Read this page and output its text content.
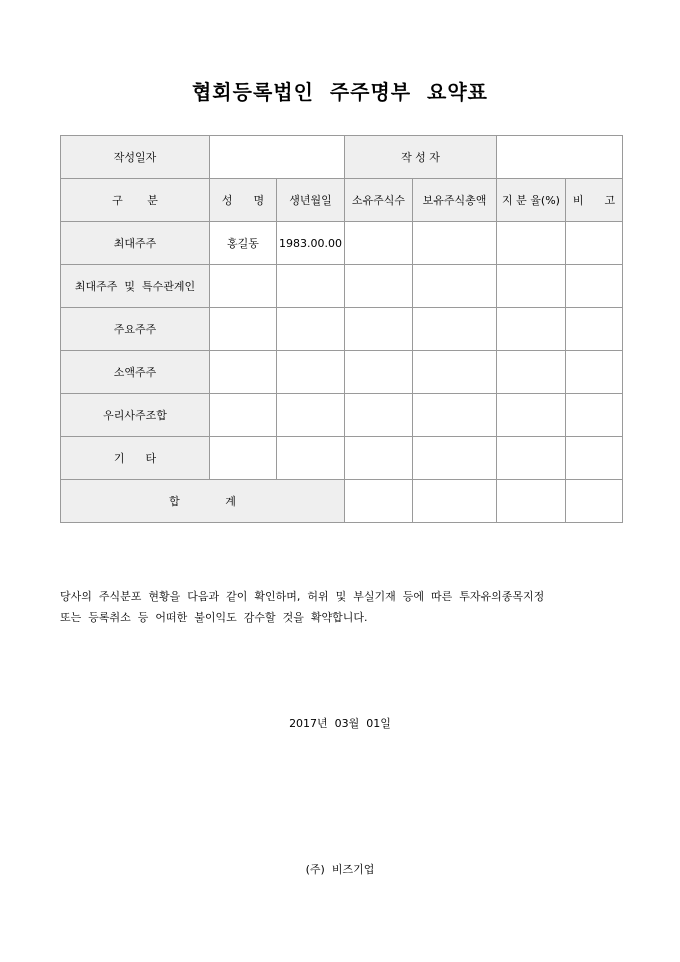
협회등록법인  주주명부  요약표
작성일자			작 성 자			
구       분	성      명	생년월일	소유주식수	보유주식총액	지 분 율(%)	비      고
최대주주	홍길동	1983.00.00				
최대주주  및  특수관계인						
주요주주						
소액주주						
우리사주조합						
기      타						
합             계						
당사의  주식분포  현황을  다음과  같이  확인하며,  허위  및  부실기재  등에  따른  투자유의종목지정
또는  등록취소  등  어떠한  불이익도  감수할  것을  확약합니다.
2017년  03월  01일
(주)  비즈기업
